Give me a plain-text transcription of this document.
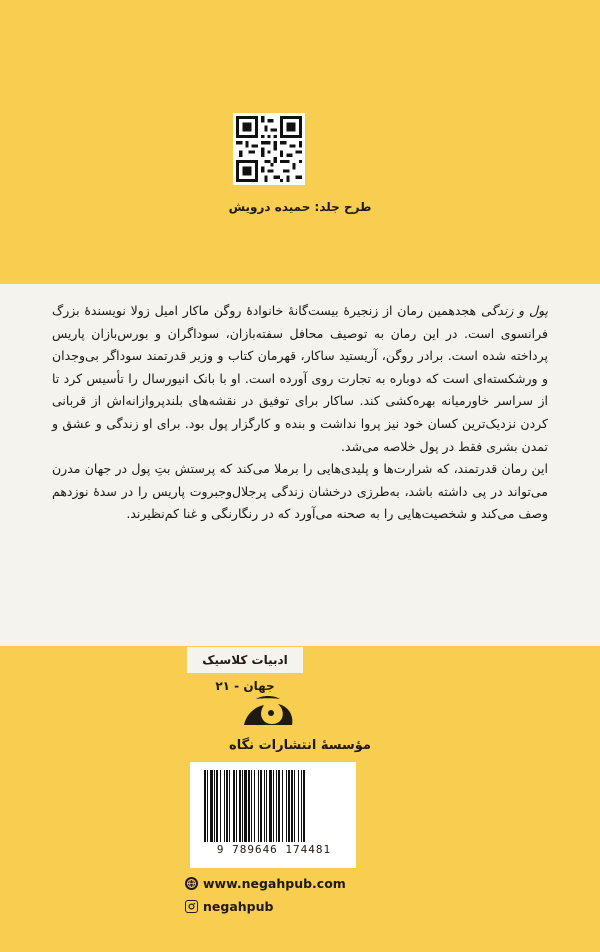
طرح جلد: حمیده درویش

پول و زندگی هجدهمین رمان از زنجیرهٔ بیست‌گانهٔ خانوادهٔ روگن ماکار امیل زولا نویسندهٔ بزرگ فرانسوی است. در این رمان به توصیف محافل سفته‌بازان، سوداگران و بورس‌بازان پاریس پرداخته شده است. برادر روگن، آریستید ساکار، قهرمان کتاب و وزیر قدرتمند سوداگر بی‌وجدان و ورشکسته‌ای است که دوباره به تجارت روی آورده است. او با بانک انیورسال را تأسیس کرد تا از سراسر خاورمیانه بهره‌کشی کند. ساکار برای توفیق در نقشه‌های بلندپروازانه‌اش از قربانی کردن نزدیک‌ترین کسان خود نیز پروا نداشت و بنده و کارگزار پول بود. برای او زندگی و عشق و تمدن بشری فقط در پول خلاصه می‌شد.

این رمان قدرتمند، که شرارت‌ها و پلیدی‌هایی را برملا می‌کند که پرستش بتِ پول در جهان مدرن می‌تواند در پی داشته باشد، به‌طرزی درخشان زندگی پرجلال‌وجبروت پاریس را در سدهٔ نوزدهم وصف می‌کند و شخصیت‌هایی را به صحنه می‌آورد که در رنگارنگی و غنا کم‌نظیرند.

ادبیات کلاسیک جهان - ۲۱
مؤسسهٔ انتشارات نگاه
9 789646 174481
www.negahpub.com
negahpub
